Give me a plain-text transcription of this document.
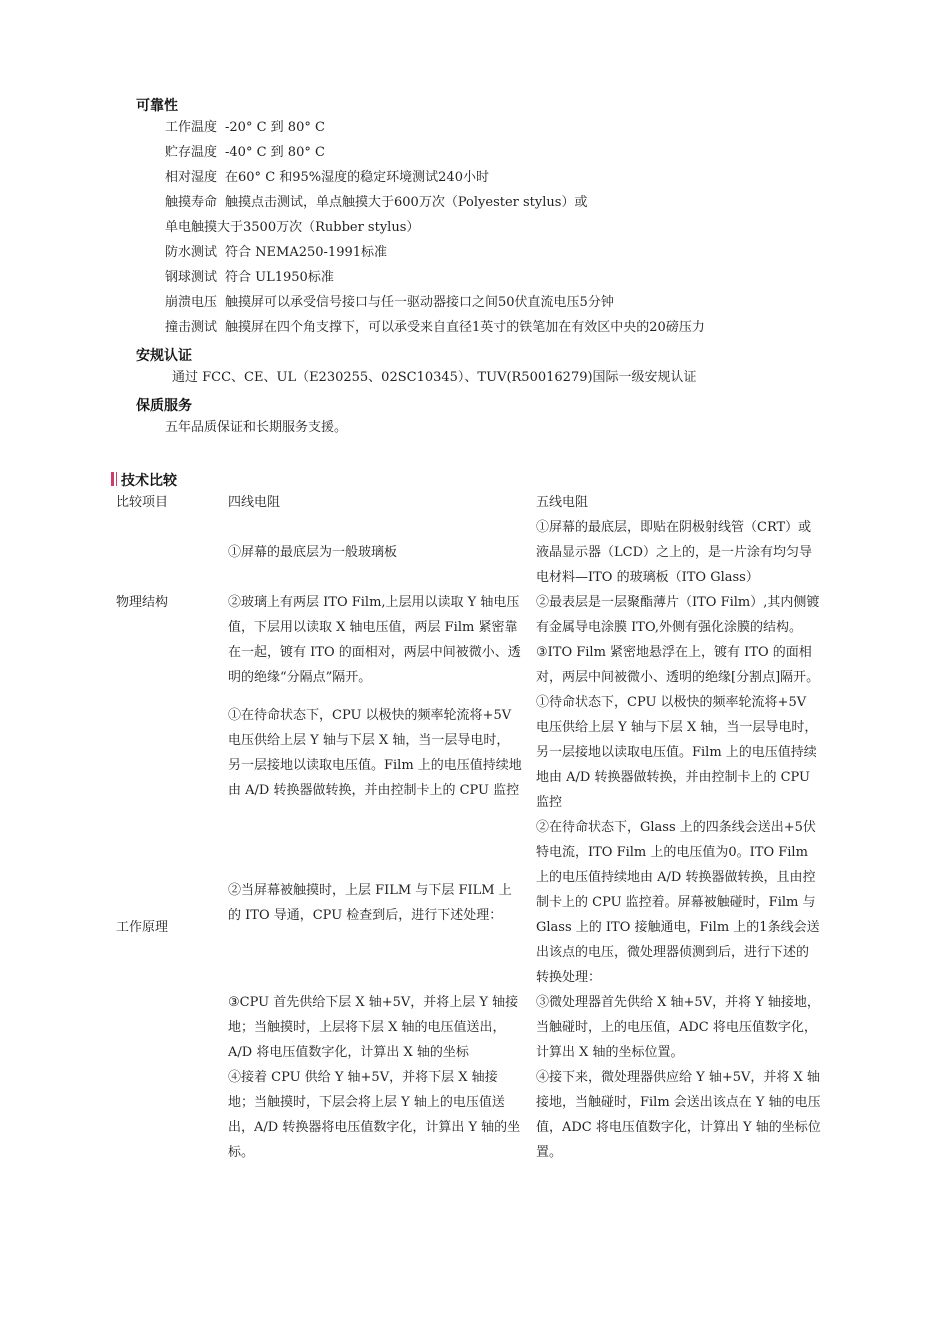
可靠性
工作温度 -20° C 到 80° C
贮存温度 -40° C 到 80° C
相对湿度 在60° C 和95%湿度的稳定环境测试240小时
触摸寿命 触摸点击测试，单点触摸大于600万次（Polyester stylus）或
单电触摸大于3500万次（Rubber stylus）
防水测试 符合 NEMA250-1991标准
钢球测试 符合 UL1950标准
崩溃电压 触摸屏可以承受信号接口与任一驱动器接口之间50伏直流电压5分钟
撞击测试 触摸屏在四个角支撑下，可以承受来自直径1英寸的铁笔加在有效区中央的20磅压力
安规认证
通过 FCC、CE、UL（E230255、02SC10345）、TUV(R50016279)国际一级安规认证
保质服务
五年品质保证和长期服务支援。
技术比较
比较项目	四线电阻	五线电阻
物理结构	①屏幕的最底层为一般玻璃板	①屏幕的最底层，即贴在阴极射线管（CRT）或液晶显示器（LCD）之上的，是一片涂有均匀导电材料—ITO 的玻璃板（ITO Glass）
	②玻璃上有两层 ITO Film,上层用以读取 Y 轴电压值，下层用以读取 X 轴电压值，两层 Film 紧密靠在一起，镀有 ITO 的面相对，两层中间被微小、透明的绝缘“分隔点”隔开。	②最表层是一层聚酯薄片（ITO Film）,其内侧镀有金属导电涂膜 ITO,外侧有强化涂膜的结构。
		③ITO Film 紧密地悬浮在上，镀有 ITO 的面相对，两层中间被微小、透明的绝缘[分割点]隔开。
工作原理	①在待命状态下，CPU 以极快的频率轮流将+5V 电压供给上层 Y 轴与下层 X 轴，当一层导电时，另一层接地以读取电压值。Film 上的电压值持续地由 A/D 转换器做转换，并由控制卡上的 CPU 监控	①待命状态下，CPU 以极快的频率轮流将+5V 电压供给上层 Y 轴与下层 X 轴，当一层导电时，另一层接地以读取电压值。Film 上的电压值持续地由 A/D 转换器做转换，并由控制卡上的 CPU 监控
	②当屏幕被触摸时，上层 FILM 与下层 FILM 上的 ITO 导通，CPU 检查到后，进行下述处理：	②在待命状态下，Glass 上的四条线会送出+5伏特电流，ITO Film 上的电压值为0。ITO Film 上的电压值持续地由 A/D 转换器做转换，且由控制卡上的 CPU 监控着。屏幕被触碰时，Film 与 Glass 上的 ITO 接触通电，Film 上的1条线会送出该点的电压，微处理器侦测到后，进行下述的转换处理：
	③CPU 首先供给下层 X 轴+5V，并将上层 Y 轴接地；当触摸时，上层将下层 X 轴的电压值送出，A/D 将电压值数字化，计算出 X 轴的坐标	③微处理器首先供给 X 轴+5V，并将 Y 轴接地，当触碰时，上的电压值，ADC 将电压值数字化，计算出 X 轴的坐标位置。
	④接着 CPU 供给 Y 轴+5V，并将下层 X 轴接地；当触摸时，下层会将上层 Y 轴上的电压值送出，A/D 转换器将电压值数字化，计算出 Y 轴的坐标。	④接下来，微处理器供应给 Y 轴+5V，并将 X 轴接地，当触碰时，Film 会送出该点在 Y 轴的电压值，ADC 将电压值数字化，计算出 Y 轴的坐标位置。
